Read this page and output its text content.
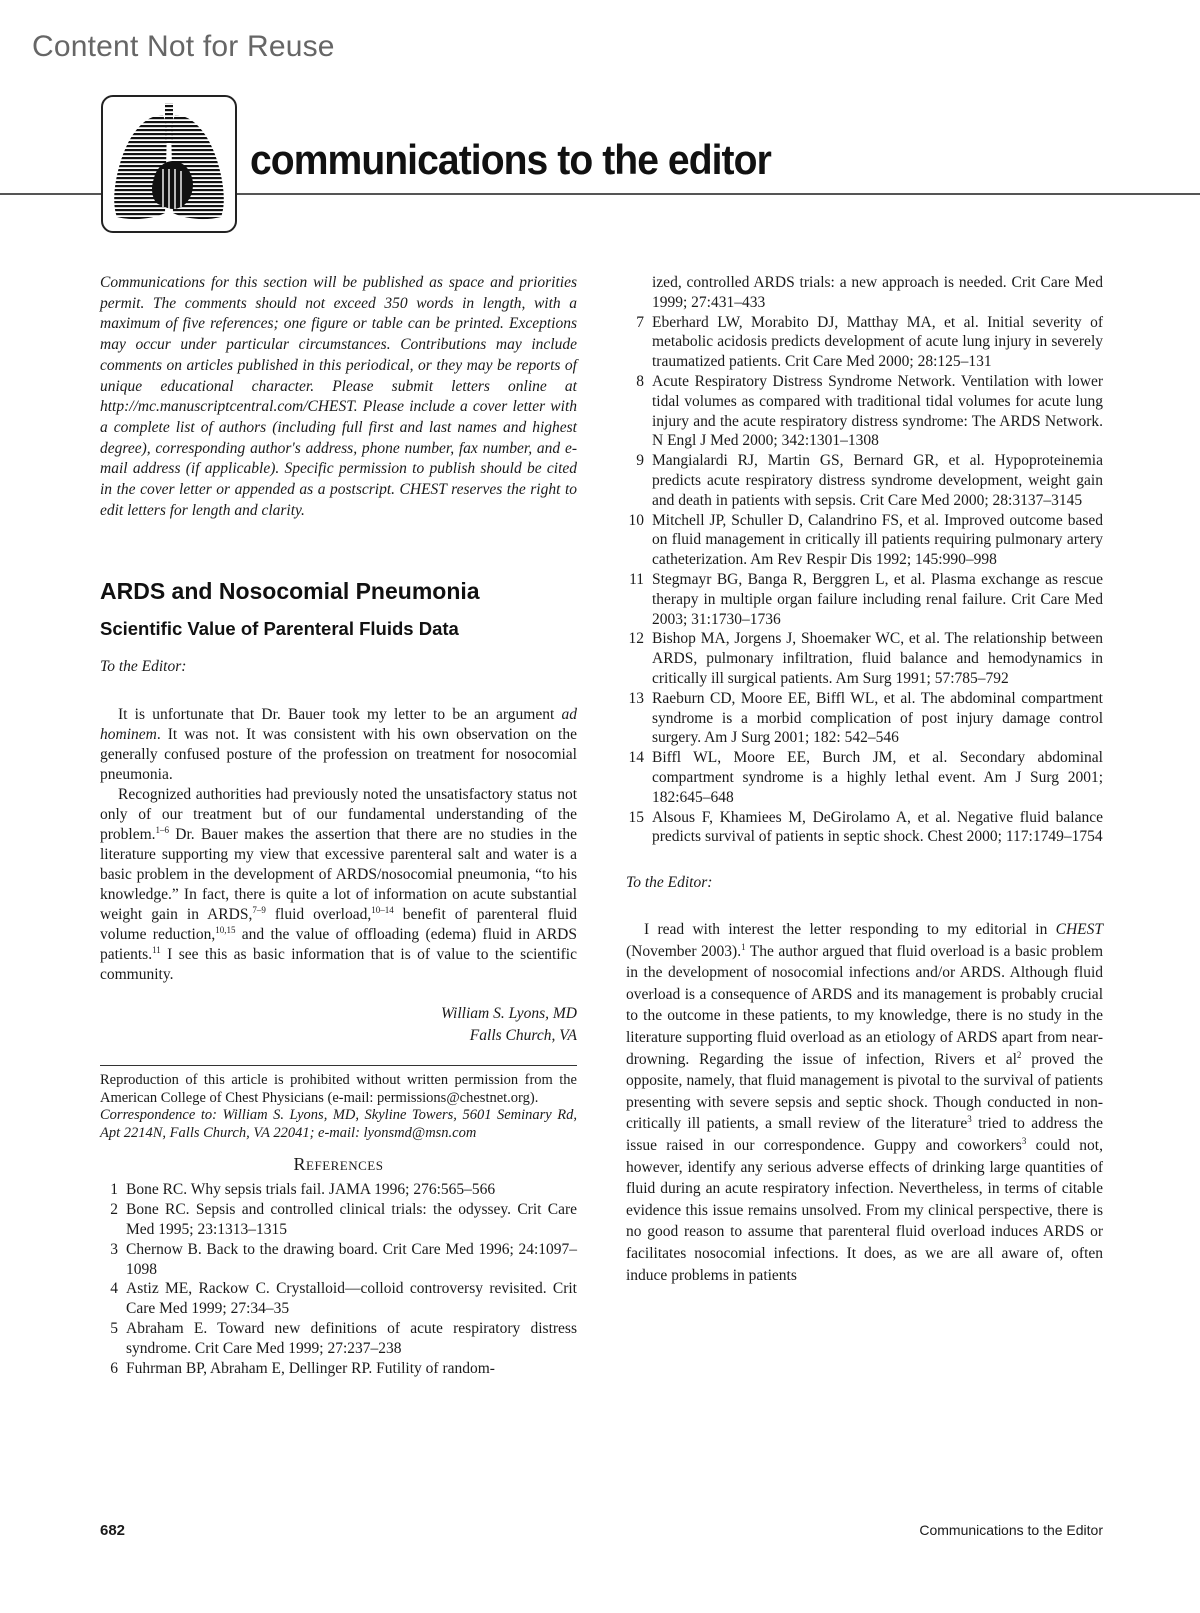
Content Not for Reuse
communications to the editor

Communications for this section will be published as space and priorities permit. The comments should not exceed 350 words in length, with a maximum of five references; one figure or table can be printed. Exceptions may occur under particular circumstances. Contributions may include comments on articles published in this periodical, or they may be reports of unique educational character. Please submit letters online at http://mc.manuscriptcentral.com/CHEST. Please include a cover letter with a complete list of authors (including full first and last names and highest degree), corresponding author's address, phone number, fax number, and e-mail address (if applicable). Specific permission to publish should be cited in the cover letter or appended as a postscript. CHEST reserves the right to edit letters for length and clarity.

ARDS and Nosocomial Pneumonia
Scientific Value of Parenteral Fluids Data

To the Editor:

It is unfortunate that Dr. Bauer took my letter to be an argument ad hominem. It was not. It was consistent with his own observation on the generally confused posture of the profession on treatment for nosocomial pneumonia.

Recognized authorities had previously noted the unsatisfactory status not only of our treatment but of our fundamental understanding of the problem.$^{1-6}$ Dr. Bauer makes the assertion that there are no studies in the literature supporting my view that excessive parenteral salt and water is a basic problem in the development of ARDS/nosocomial pneumonia, “to his knowledge.” In fact, there is quite a lot of information on acute substantial weight gain in ARDS,$^{7-9}$ fluid overload,$^{10-14}$ benefit of parenteral fluid volume reduction,$^{10,15}$ and the value of offloading (edema) fluid in ARDS patients.$^{11}$ I see this as basic information that is of value to the scientific community.

William S. Lyons, MD
Falls Church, VA
Reproduction of this article is prohibited without written permission from the American College of Chest Physicians (e-mail: permissions@chestnet.org).
Correspondence to: William S. Lyons, MD, Skyline Towers, 5601 Seminary Rd, Apt 2214N, Falls Church, VA 22041; e-mail: lyonsmd@msn.com
References
1 Bone RC. Why sepsis trials fail. JAMA 1996; 276:565–566
2 Bone RC. Sepsis and controlled clinical trials: the odyssey. Crit Care Med 1995; 23:1313–1315
3 Chernow B. Back to the drawing board. Crit Care Med 1996; 24:1097–1098
4 Astiz ME, Rackow C. Crystalloid—colloid controversy revisited. Crit Care Med 1999; 27:34–35
5 Abraham E. Toward new definitions of acute respiratory distress syndrome. Crit Care Med 1999; 27:237–238
6 Fuhrman BP, Abraham E, Dellinger RP. Futility of random-

ized, controlled ARDS trials: a new approach is needed. Crit Care Med 1999; 27:431–433

7 Eberhard LW, Morabito DJ, Matthay MA, et al. Initial severity of metabolic acidosis predicts development of acute lung injury in severely traumatized patients. Crit Care Med 2000; 28:125–131
8 Acute Respiratory Distress Syndrome Network. Ventilation with lower tidal volumes as compared with traditional tidal volumes for acute lung injury and the acute respiratory distress syndrome: The ARDS Network. N Engl J Med 2000; 342:1301–1308
9 Mangialardi RJ, Martin GS, Bernard GR, et al. Hypoproteinemia predicts acute respiratory distress syndrome development, weight gain and death in patients with sepsis. Crit Care Med 2000; 28:3137–3145
10 Mitchell JP, Schuller D, Calandrino FS, et al. Improved outcome based on fluid management in critically ill patients requiring pulmonary artery catheterization. Am Rev Respir Dis 1992; 145:990–998
11 Stegmayr BG, Banga R, Berggren L, et al. Plasma exchange as rescue therapy in multiple organ failure including renal failure. Crit Care Med 2003; 31:1730–1736
12 Bishop MA, Jorgens J, Shoemaker WC, et al. The relationship between ARDS, pulmonary infiltration, fluid balance and hemodynamics in critically ill surgical patients. Am Surg 1991; 57:785–792
13 Raeburn CD, Moore EE, Biffl WL, et al. The abdominal compartment syndrome is a morbid complication of post injury damage control surgery. Am J Surg 2001; 182: 542–546
14 Biffl WL, Moore EE, Burch JM, et al. Secondary abdominal compartment syndrome is a highly lethal event. Am J Surg 2001; 182:645–648
15 Alsous F, Khamiees M, DeGirolamo A, et al. Negative fluid balance predicts survival of patients in septic shock. Chest 2000; 117:1749–1754

To the Editor:

I read with interest the letter responding to my editorial in CHEST (November 2003).$^1$ The author argued that fluid overload is a basic problem in the development of nosocomial infections and/or ARDS. Although fluid overload is a consequence of ARDS and its management is probably crucial to the outcome in these patients, to my knowledge, there is no study in the literature supporting fluid overload as an etiology of ARDS apart from near-drowning. Regarding the issue of infection, Rivers et $al^2$ proved the opposite, namely, that fluid management is pivotal to the survival of patients presenting with severe sepsis and septic shock. Though conducted in non-critically ill patients, a small review of the literature$^3$ tried to address the issue raised in our correspondence. Guppy and coworkers$^3$ could not, however, identify any serious adverse effects of drinking large quantities of fluid during an acute respiratory infection. Nevertheless, in terms of citable evidence this issue remains unsolved. From my clinical perspective, there is no good reason to assume that parenteral fluid overload induces ARDS or facilitates nosocomial infections. It does, as we are all aware of, often induce problems in patients

682	Communications to the Editor
